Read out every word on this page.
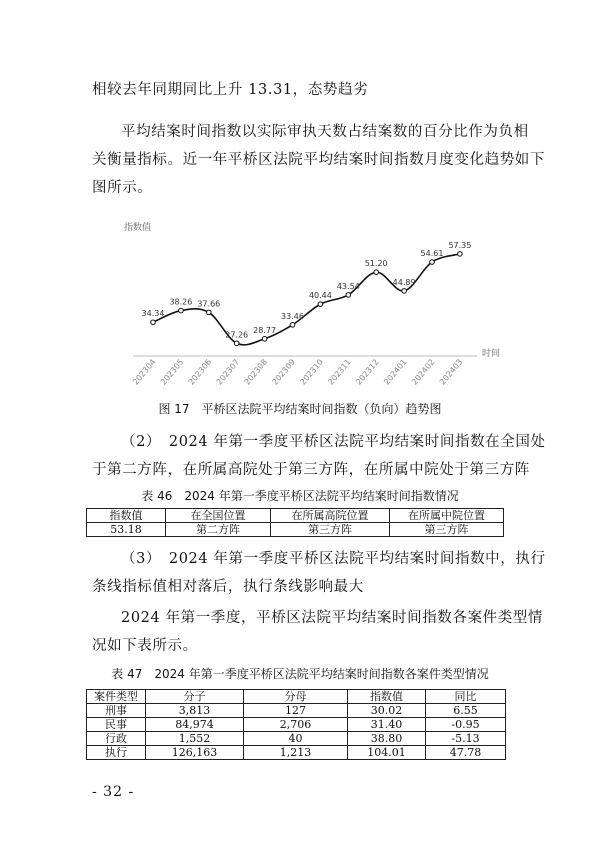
相较去年同期同比上升 13.31，态势趋劣
平均结案时间指数以实际审执天数占结案数的百分比作为负相
关衡量指标。近一年平桥区法院平均结案时间指数月度变化趋势如下
图所示。
指数值
时间
34.34
38.26 37.66
27.26 28.77
33.46
40.44
43.54
51.20
44.89
54.61
57.35
202304 202305 202306 202307 202308 202309 202310 202311 202312 202401 202402 202403
图 17　平桥区法院平均结案时间指数（负向）趋势图
（2）　2024 年第一季度平桥区法院平均结案时间指数在全国处
于第二方阵，在所属高院处于第三方阵，在所属中院处于第三方阵
表 46　2024 年第一季度平桥区法院平均结案时间指数情况
指数值	在全国位置	在所属高院位置	在所属中院位置
53.18	第二方阵	第三方阵	第三方阵
（3）　2024 年第一季度平桥区法院平均结案时间指数中，执行
条线指标值相对落后，执行条线影响最大
2024 年第一季度，平桥区法院平均结案时间指数各案件类型情
况如下表所示。
表 47　2024 年第一季度平桥区法院平均结案时间指数各案件类型情况
案件类型	分子	分母	指数值	同比
刑事	3,813	127	30.02	6.55
民事	84,974	2,706	31.40	-0.95
行政	1,552	40	38.80	-5.13
执行	126,163	1,213	104.01	47.78
- 32 -
